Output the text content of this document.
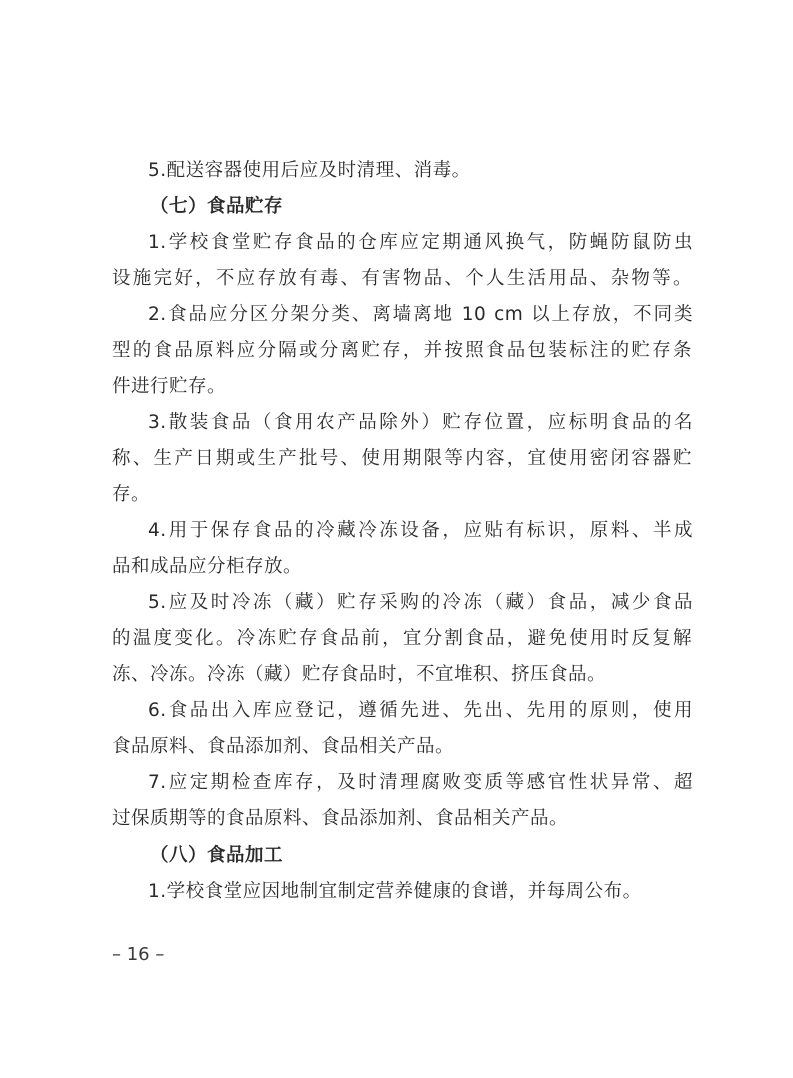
5.配送容器使用后应及时清理、消毒。
（七）食品贮存
1.学校食堂贮存食品的仓库应定期通风换气，防蝇防鼠防虫
设施完好，不应存放有毒、有害物品、个人生活用品、杂物等。
2.食品应分区分架分类、离墙离地 10 cm 以上存放，不同类
型的食品原料应分隔或分离贮存，并按照食品包装标注的贮存条
件进行贮存。
3.散装食品（食用农产品除外）贮存位置，应标明食品的名
称、生产日期或生产批号、使用期限等内容，宜使用密闭容器贮
存。
4.用于保存食品的冷藏冷冻设备，应贴有标识，原料、半成
品和成品应分柜存放。
5.应及时冷冻（藏）贮存采购的冷冻（藏）食品，减少食品
的温度变化。冷冻贮存食品前，宜分割食品，避免使用时反复解
冻、冷冻。冷冻（藏）贮存食品时，不宜堆积、挤压食品。
6.食品出入库应登记，遵循先进、先出、先用的原则，使用
食品原料、食品添加剂、食品相关产品。
7.应定期检查库存，及时清理腐败变质等感官性状异常、超
过保质期等的食品原料、食品添加剂、食品相关产品。
（八）食品加工
1.学校食堂应因地制宜制定营养健康的食谱，并每周公布。
– 16 –
